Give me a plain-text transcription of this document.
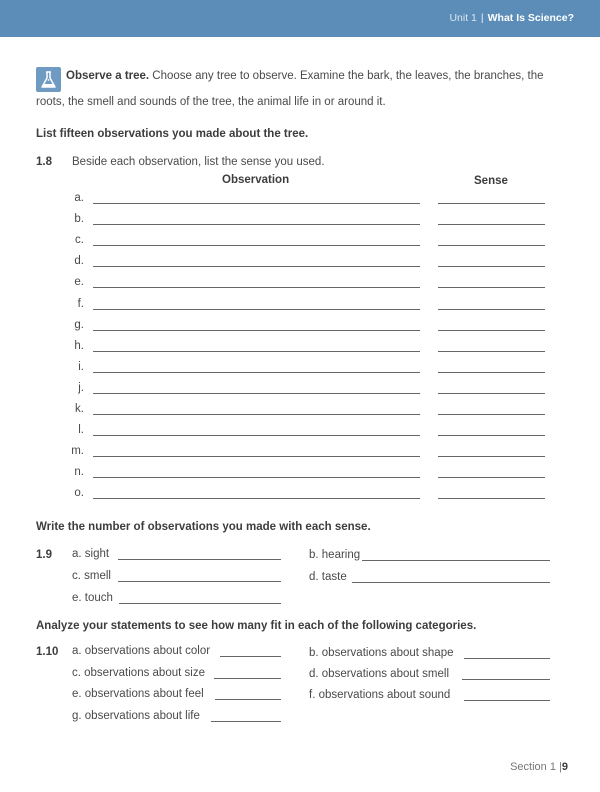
Unit 1 | What Is Science?
Observe a tree. Choose any tree to observe. Examine the bark, the leaves, the branches, the
roots, the smell and sounds of the tree, the animal life in or around it.
List fifteen observations you made about the tree.
1.8 Beside each observation, list the sense you used.
Observation	Sense
a.
b.
c.
d.
e.
f.
g.
h.
i.
j.
k.
l.
m.
n.
o.
Write the number of observations you made with each sense.
1.9 a. sight	b. hearing
c. smell	d. taste
e. touch
Analyze your statements to see how many fit in each of the following categories.
1.10 a. observations about color	b. observations about shape
c. observations about size	d. observations about smell
e. observations about feel	f. observations about sound
g. observations about life
Section 1 |9
